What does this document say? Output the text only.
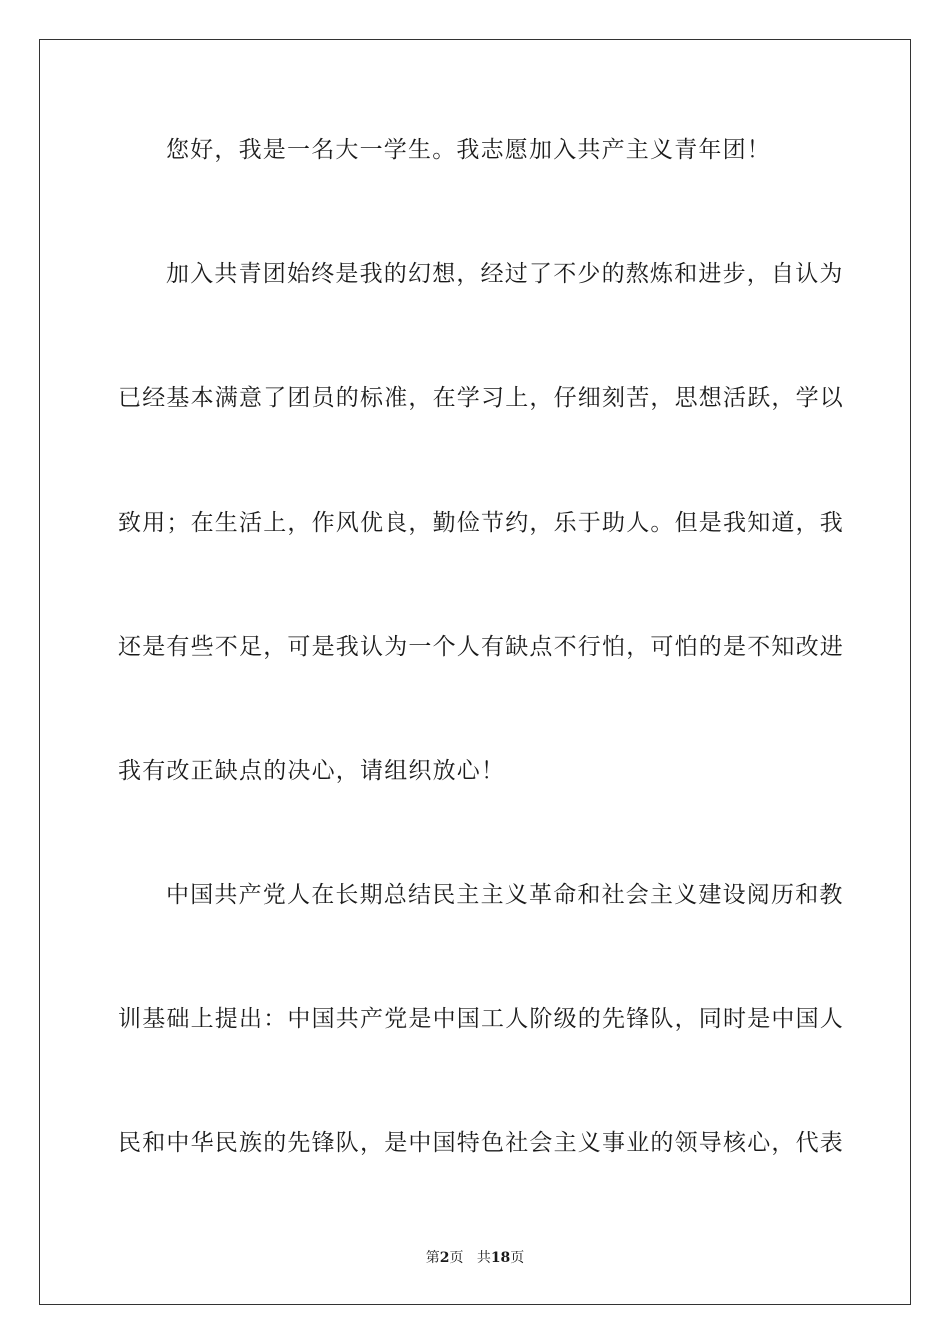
您好，我是一名大一学生。我志愿加入共产主义青年团！
加入共青团始终是我的幻想，经过了不少的熬炼和进步，自认为
已经基本满意了团员的标准，在学习上，仔细刻苦，思想活跃，学以
致用；在生活上，作风优良，勤俭节约，乐于助人。但是我知道，我
还是有些不足，可是我认为一个人有缺点不行怕，可怕的是不知改进
我有改正缺点的决心，请组织放心！
中国共产党人在长期总结民主主义革命和社会主义建设阅历和教
训基础上提出：中国共产党是中国工人阶级的先锋队，同时是中国人
民和中华民族的先锋队，是中国特色社会主义事业的领导核心，代表
第2页 共18页
